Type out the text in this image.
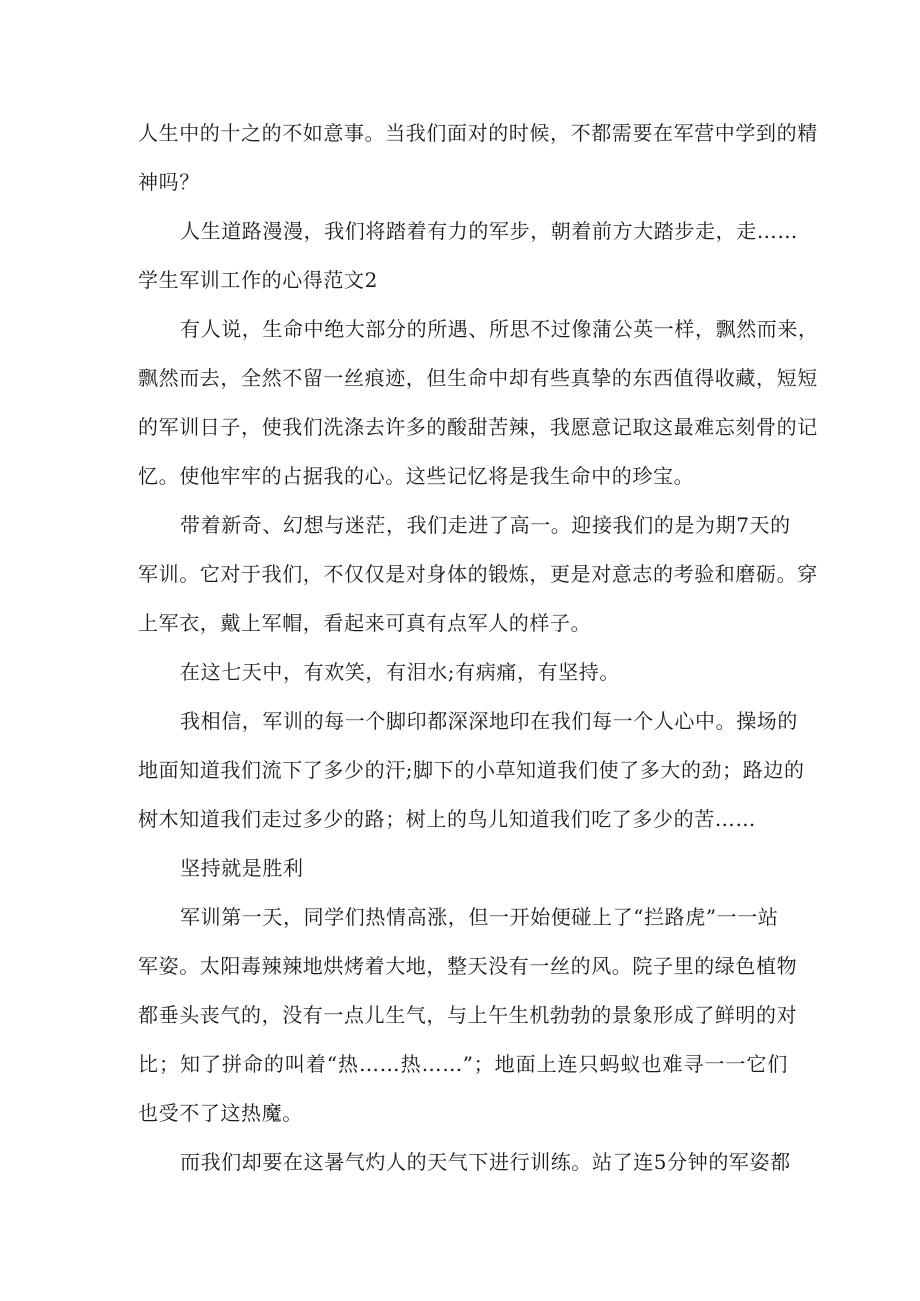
人生中的十之的不如意事。当我们面对的时候，不都需要在军营中学到的精
神吗？
人生道路漫漫，我们将踏着有力的军步，朝着前方大踏步走，走……
学生军训工作的心得范文2
有人说，生命中绝大部分的所遇、所思不过像蒲公英一样，飘然而来，
飘然而去，全然不留一丝痕迹，但生命中却有些真挚的东西值得收藏，短短
的军训日子，使我们洗涤去许多的酸甜苦辣，我愿意记取这最难忘刻骨的记
忆。使他牢牢的占据我的心。这些记忆将是我生命中的珍宝。
带着新奇、幻想与迷茫，我们走进了高一。迎接我们的是为期7天的
军训。它对于我们，不仅仅是对身体的锻炼，更是对意志的考验和磨砺。穿
上军衣，戴上军帽，看起来可真有点军人的样子。
在这七天中，有欢笑，有泪水;有病痛，有坚持。
我相信，军训的每一个脚印都深深地印在我们每一个人心中。操场的
地面知道我们流下了多少的汗;脚下的小草知道我们使了多大的劲；路边的
树木知道我们走过多少的路；树上的鸟儿知道我们吃了多少的苦……
坚持就是胜利
军训第一天，同学们热情高涨，但一开始便碰上了“拦路虎”一一站
军姿。太阳毒辣辣地烘烤着大地，整天没有一丝的风。院子里的绿色植物
都垂头丧气的，没有一点儿生气，与上午生机勃勃的景象形成了鲜明的对
比；知了拼命的叫着“热……热……”；地面上连只蚂蚁也难寻一一它们
也受不了这热魔。
而我们却要在这暑气灼人的天气下进行训练。站了连5分钟的军姿都
